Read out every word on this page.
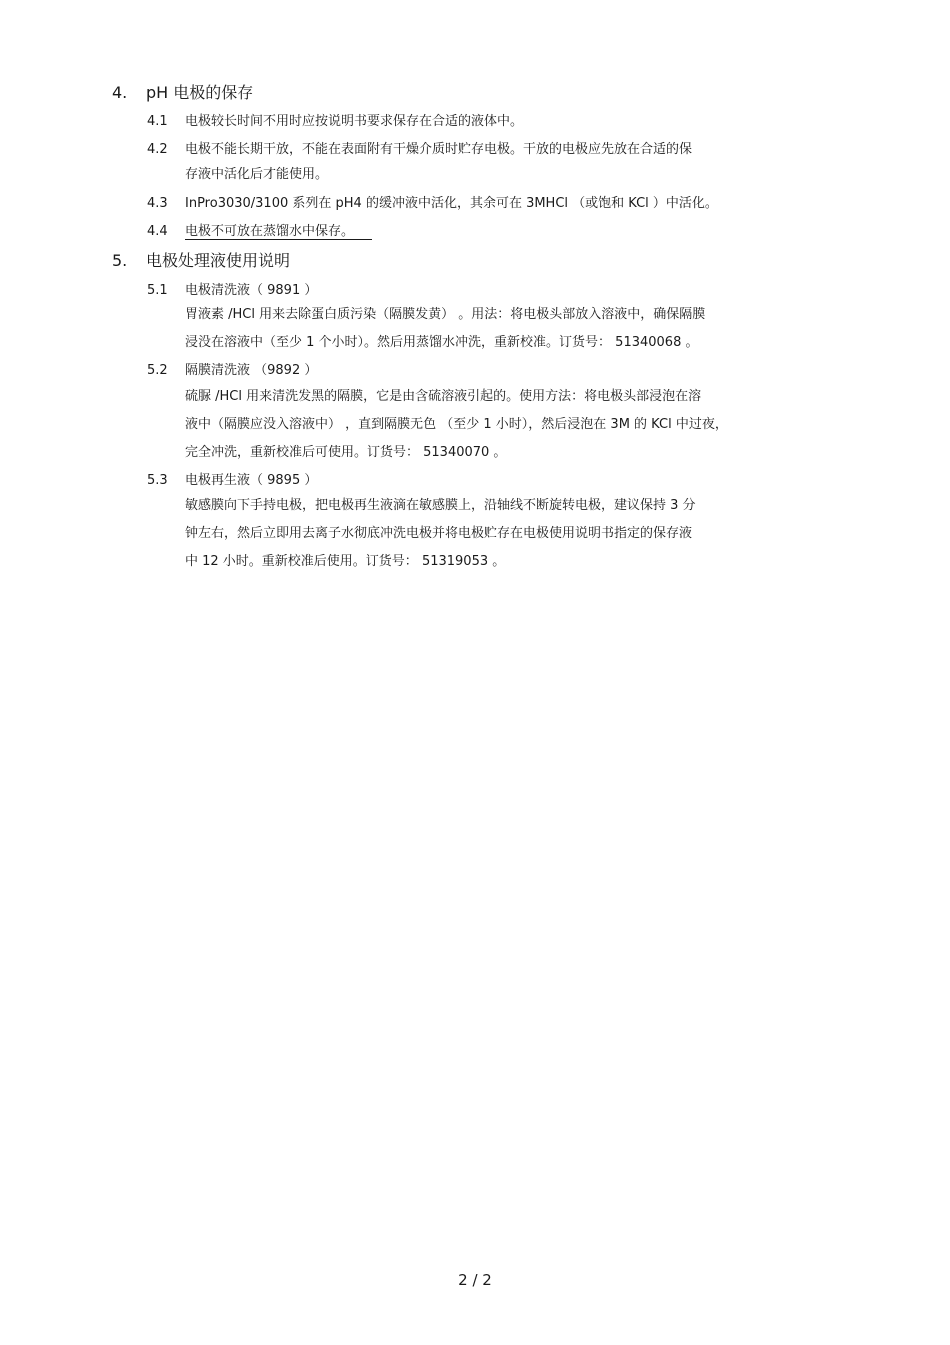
4. pH 电极的保存
4.1 电极较长时间不用时应按说明书要求保存在合适的液体中。
4.2 电极不能长期干放，不能在表面附有干燥介质时贮存电极。干放的电极应先放在合适的保
存液中活化后才能使用。
4.3 InPro3030/3100 系列在 pH4 的缓冲液中活化，其余可在 3MHCl （或饱和 KCl ）中活化。
4.4 电极不可放在蒸馏水中保存。
5. 电极处理液使用说明
5.1 电极清洗液（ 9891 ）
胃液素 /HCl 用来去除蛋白质污染（隔膜发黄） 。用法：将电极头部放入溶液中，确保隔膜
浸没在溶液中（至少 1 个小时）。然后用蒸馏水冲洗，重新校准。订货号： 51340068 。
5.2 隔膜清洗液 （9892 ）
硫脲 /HCl 用来清洗发黑的隔膜，它是由含硫溶液引起的。使用方法：将电极头部浸泡在溶
液中（隔膜应没入溶液中） ，直到隔膜无色 （至少 1 小时），然后浸泡在 3M 的 KCl 中过夜，
完全冲洗，重新校准后可使用。订货号： 51340070 。
5.3 电极再生液（ 9895 ）
敏感膜向下手持电极，把电极再生液滴在敏感膜上，沿轴线不断旋转电极，建议保持 3 分
钟左右，然后立即用去离子水彻底冲洗电极并将电极贮存在电极使用说明书指定的保存液
中 12 小时。重新校准后使用。订货号： 51319053 。
2 / 2
